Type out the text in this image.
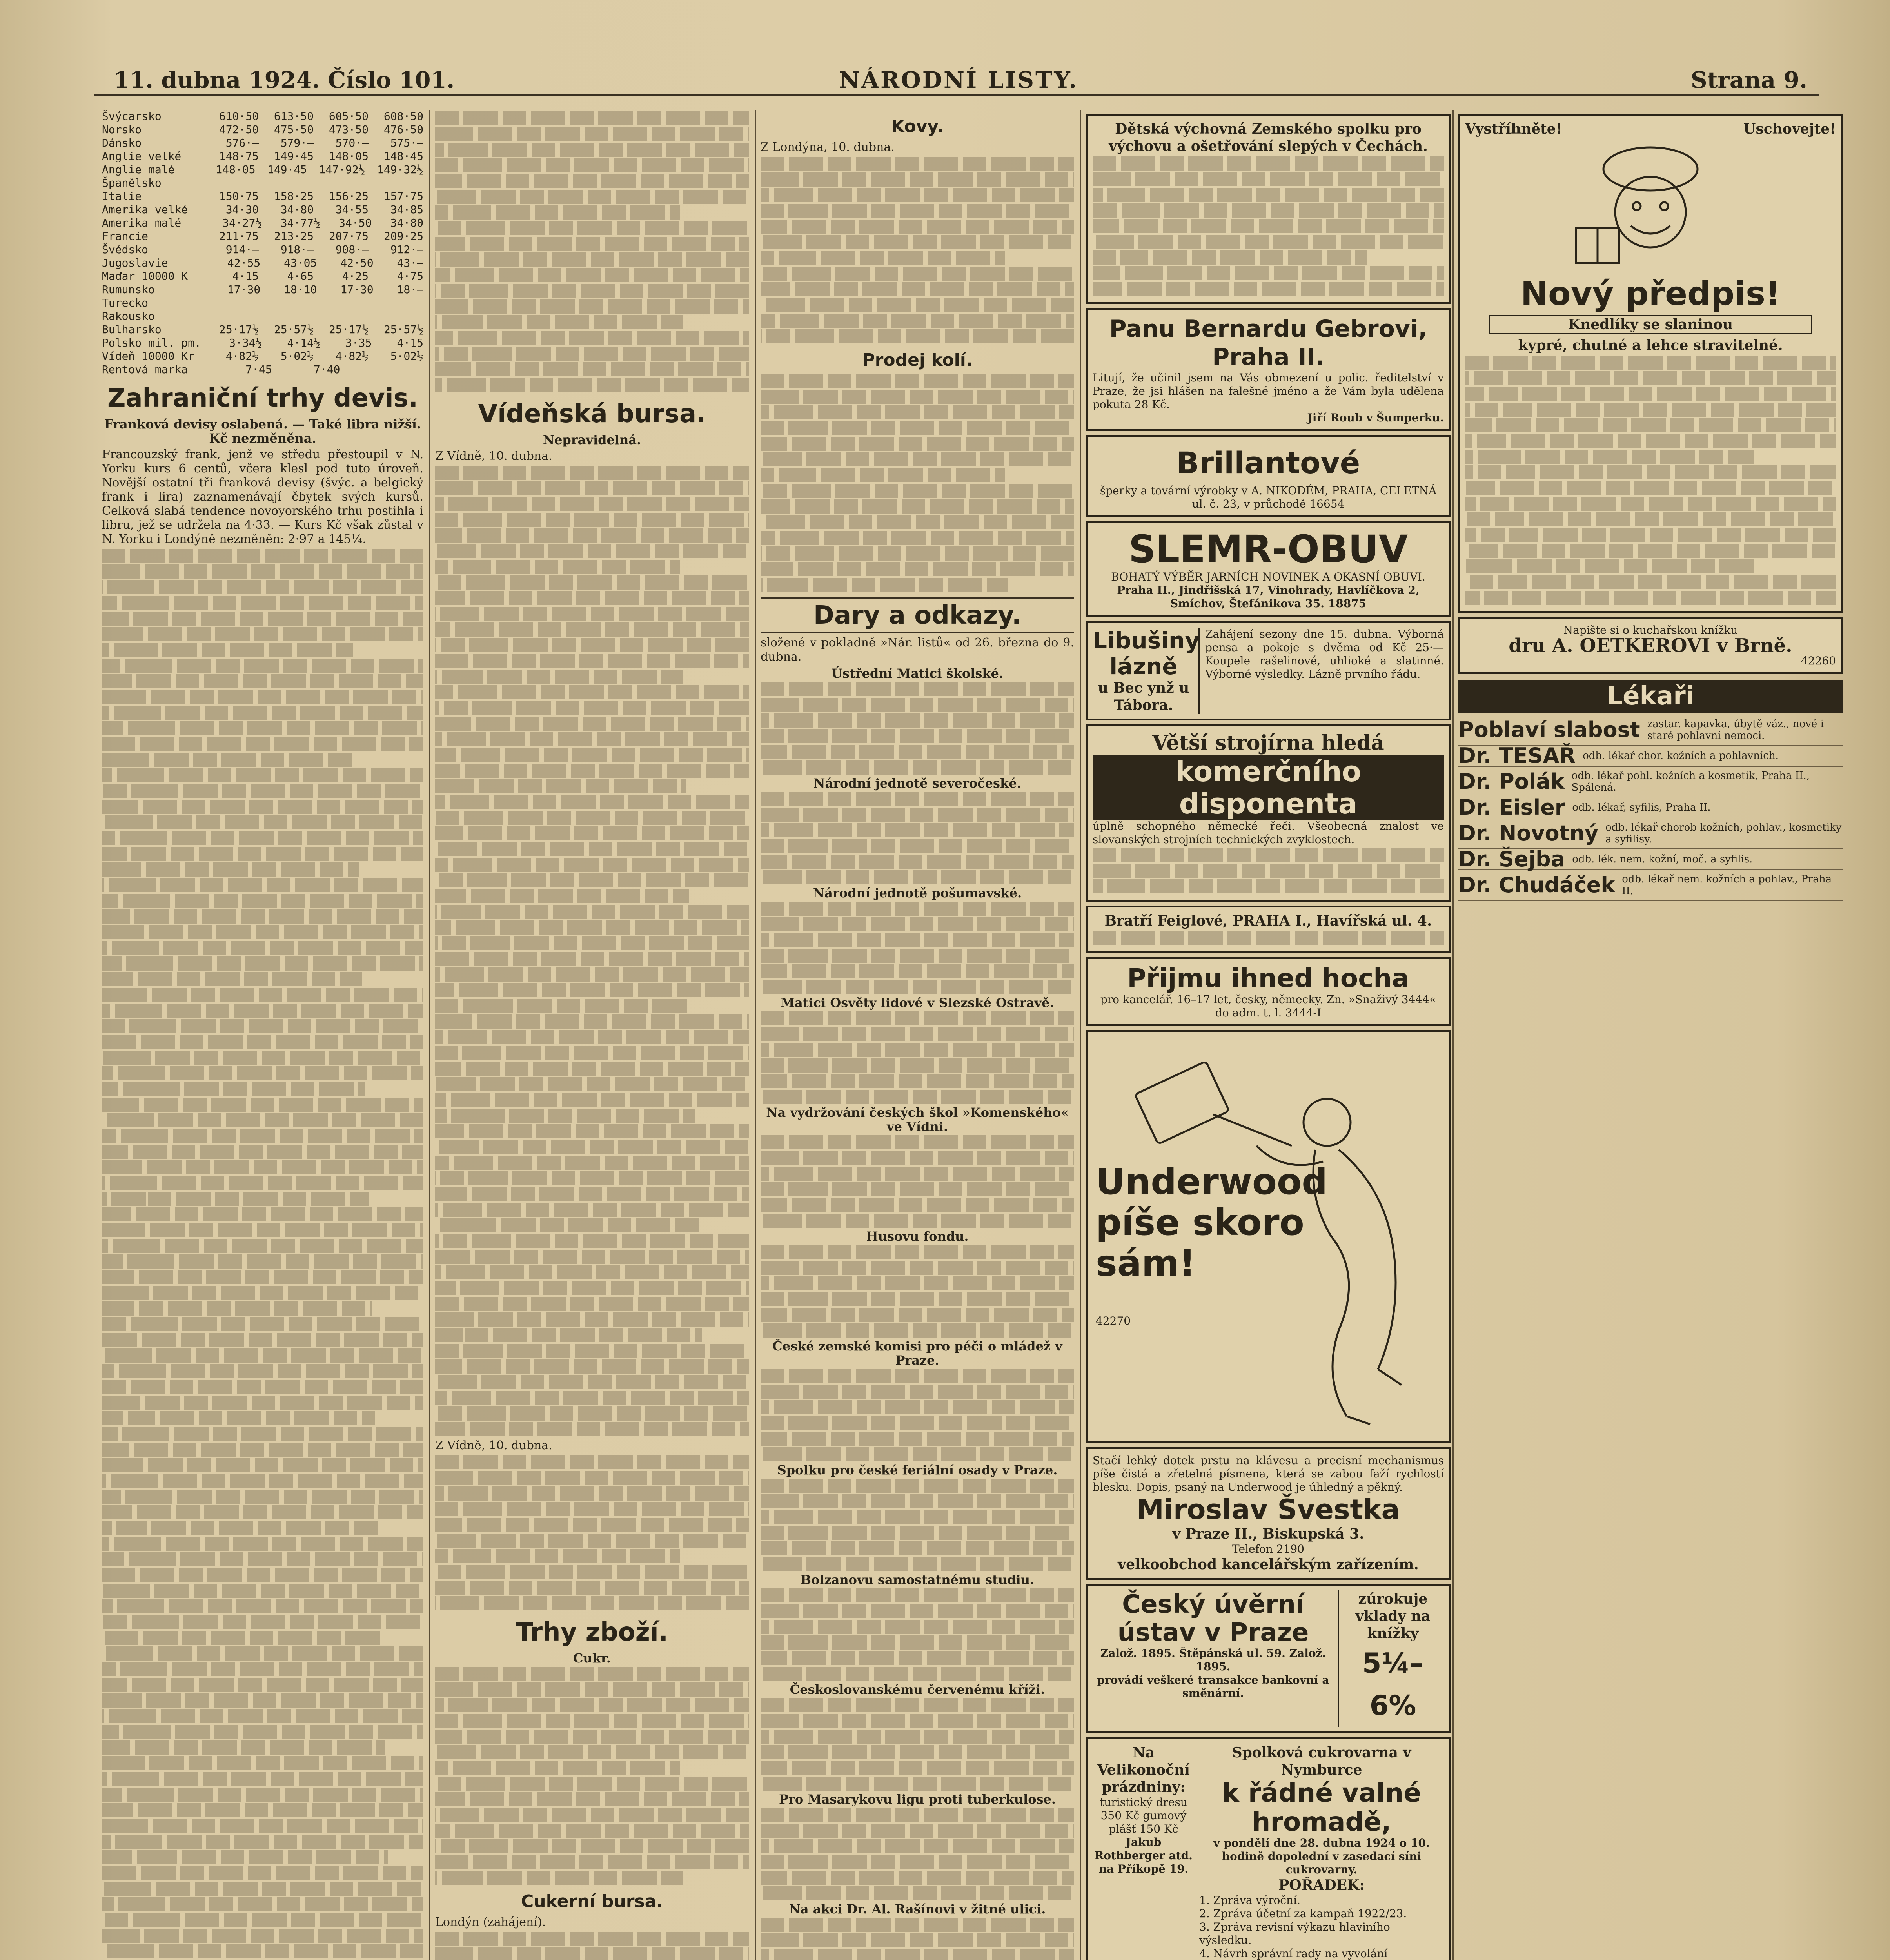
11. dubna 1924. Číslo 101.	NÁRODNÍ LISTY.	Strana 9.
Švýcarsko	610·50 613·50 605·50 608·50
Norsko	472·50 475·50 473·50 476·50
Dánsko	576·— 579·— 570·— 575·—
Anglie velké	148·75 149·45 148·05 148·45
Anglie malé	148·05 149·45 147·92½ 149·32½
Španělsko
Italie	150·75 158·25 156·25 157·75
Amerika velké	34·30 34·80 34·55 34·85
Amerika malé	34·27½ 34·77½ 34·50 34·80
Francie	211·75 213·25 207·75 209·25
Švédsko	914·— 918·— 908·— 912·—
Jugoslavie	42·55 43·05 42·50 43·—
Maďar 10000 K	4·15	4·65	4·25	4·75
Rumunsko	17·30 18·10 17·30 18·—
Turecko
Rakousko
Bulharsko	25·17½ 25·57½ 25·17½ 25·57½
Polsko mil. pm.	3·34½ 4·14½ 3·35 4·15
Vídeň 10000 Kr	4·82½ 5·02½ 4·82½ 5·02½
Rentová marka	7·45	7·40
Zahraniční trhy devis.
Franková devisy oslabená. — Také libra nižší. Kč nezměněna.
Francouzský frank, jenž ve středu přestoupil v N. Yorku kurs 6 centů, včera klesl pod tuto úroveň. Novější ostatní tři franková devisy (švýc. a belgický frank i lira) zaznamenávají čbytek svých kursů. Celková slabá tendence novoyorského trhu postihla i libru, jež se udržela na 4·33. — Kurs Kč však zůstal v N. Yorku i Londýně nezměněn: 2·97 a 145¼.
Vídeňská bursa.
Nepravidelná.
Z Vídně, 10. dubna.
Z Vídně, 10. dubna.
Trhy zboží.
Cukr.
Cukerní bursa.
Londýn (zahájení).
Kovy.
Z Londýna, 10. dubna.
Prodej kolí.
Dary a odkazy.
složené v pokladně »Nár. listů« od 26. března do 9. dubna.
Ústřední Matici školské.
Národní jednotě severočeské.
Národní jednotě pošumavské.
Matici Osvěty lidové v Slezské Ostravě.
Na vydržování českých škol »Komenského« ve Vídni.
Husovu fondu.
České zemské komisi pro péči o mládež v Praze.
Spolku pro české feriální osady v Praze.
Bolzanovu samostatnému studiu.
Českoslovanskému červenému kříži.
Pro Masarykovu ligu proti tuberkulose.
Na akci Dr. Al. Rašínovi v žitné ulici.
Dětská výchovná Zemského spolku pro výchovu a ošetřování slepých v Čechách.
Panu Bernardu Gebrovi, Praha II.
Litují, že učinil jsem na Vás obmezení u polic. ředitelství v Praze, že jsi hlášen na falešné jméno a že Vám byla udělena pokuta 28 Kč.
Jiří Roub v Šumperku.
Brillantové
šperky a tovární výrobky v A. NIKODÉM, PRAHA, CELETNÁ ul. č. 23, v průchodě 16654
SLEMR-OBUV
BOHATÝ VÝBĚR JARNÍCH NOVINEK A OKASNÍ OBUVI.
Praha II., Jindřišská 17, Vinohrady, Havlíčkova 2, Smíchov, Štefánikova 35. 18875
Libušiny lázně
u Bec ynž u Tábora.
Zahájení sezony dne 15. dubna. Výborná pensa a pokoje s dvěma od Kč 25·— Koupele rašelinové, uhlioké a slatinné. Výborné výsledky. Lázně prvního řádu.
Větší strojírna hledá
komerčního disponenta
úplně schopného německé řeči. Všeobecná znalost ve slovanských strojních technických zvyklostech.
Bratří Feiglové, PRAHA I., Havířská ul. 4.
Přijmu ihned hocha
pro kancelář. 16–17 let, česky, německy. Zn. »Snaživý 3444« do adm. t. l. 3444-I
Underwood píše skoro sám!
42270
Stačí lehký dotek prstu na klávesu a precisní mechanismus píše čistá a zřetelná písmena, která se zabou faží rychlostí blesku. Dopis, psaný na Underwood je úhledný a pěkný.
Miroslav Švestka
v Praze II., Biskupská 3.
Telefon 2190
velkoobchod kancelářským zařízením.
Český úvěrní ústav v Praze
Založ. 1895. Štěpánská ul. 59. Založ. 1895.
provádí veškeré transakce bankovní a směnární.
zúrokuje vklady na knížky
5¼–6%
Na Velikonoční prázdniny:
turistický dresu 350 Kč gumový plášť 150 Kč
Jakub Rothberger atd. na Příkopě 19.
Spolková cukrovarna v Nymburce
k řádné valné hromadě,
v pondělí dne 28. dubna 1924 o 10. hodině dopolední v zasedací síni cukrovarny.
POŘADEK:
1. Zpráva výroční.
2. Zpráva účetní za kampaň 1922/23.
3. Zpráva revisní výkazu hlaviního výsledku.
4. Návrh správní rady na vyvolání
Vystříhněte!	Uschovejte!
Nový předpis!
Knedlíky se slaninou
kypré, chutné a lehce stravitelné.
Napište si o kuchařskou knížku
dru A. OETKEROVI v Brně.
42260
Lékaři
Poblaví slabost zastar. kapavka, úbytě váz., nové i staré pohlavní nemoci.
Dr. TESAŘ odb. lékař chor. kožních a pohlavních.
Dr. Polák odb. lékař pohl. kožních a kosmetik, Praha II., Spálená.
Dr. Eisler odb. lékař, syfilis, Praha II.
Dr. Novotný odb. lékař chorob kožních, pohlav., kosmetiky a syfilisy.
Dr. Šejba odb. lék. nem. kožní, moč. a syfilis.
Dr. Chudáček odb. lékař nem. kožních a pohlav., Praha II.
